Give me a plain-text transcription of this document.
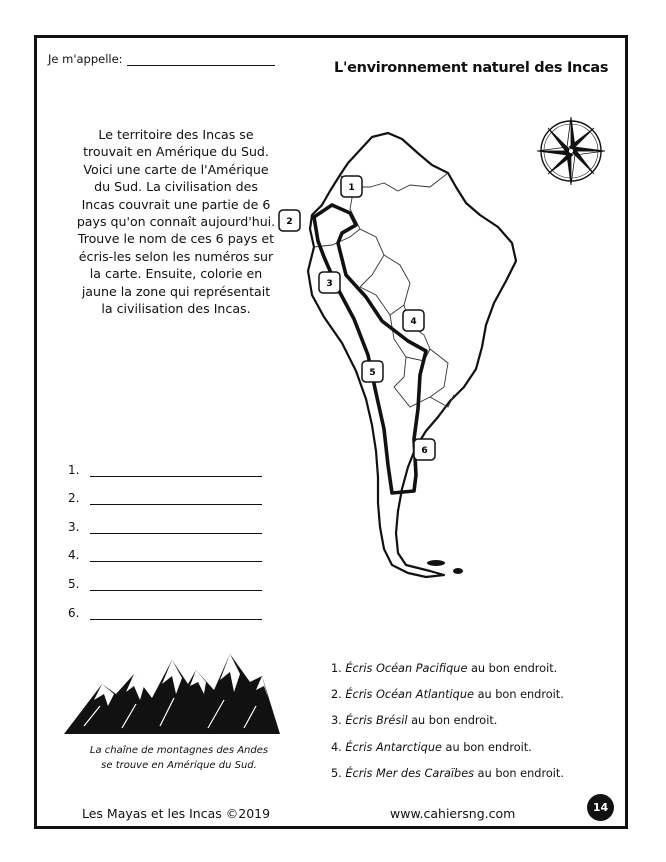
Je m'appelle:
L'environnement naturel des Incas
Le territoire des Incas se trouvait en Amérique du Sud. Voici une carte de l'Amérique du Sud. La civilisation des Incas couvrait une partie de 6 pays qu'on connaît aujourd'hui. Trouve le nom de ces 6 pays et écris-les selon les numéros sur la carte. Ensuite, colorie en jaune la zone qui représentait la civilisation des Incas.
1
2
3
4
5
6
1.
2.
3.
4.
5.
6.
La chaîne de montagnes des Andes
se trouve en Amérique du Sud.
1. Écris Océan Pacifique au bon endroit.
2. Écris Océan Atlantique au bon endroit.
3. Écris Brésil au bon endroit.
4. Écris Antarctique au bon endroit.
5. Écris Mer des Caraïbes au bon endroit.
Les Mayas et les Incas ©2019	www.cahiersng.com	14
